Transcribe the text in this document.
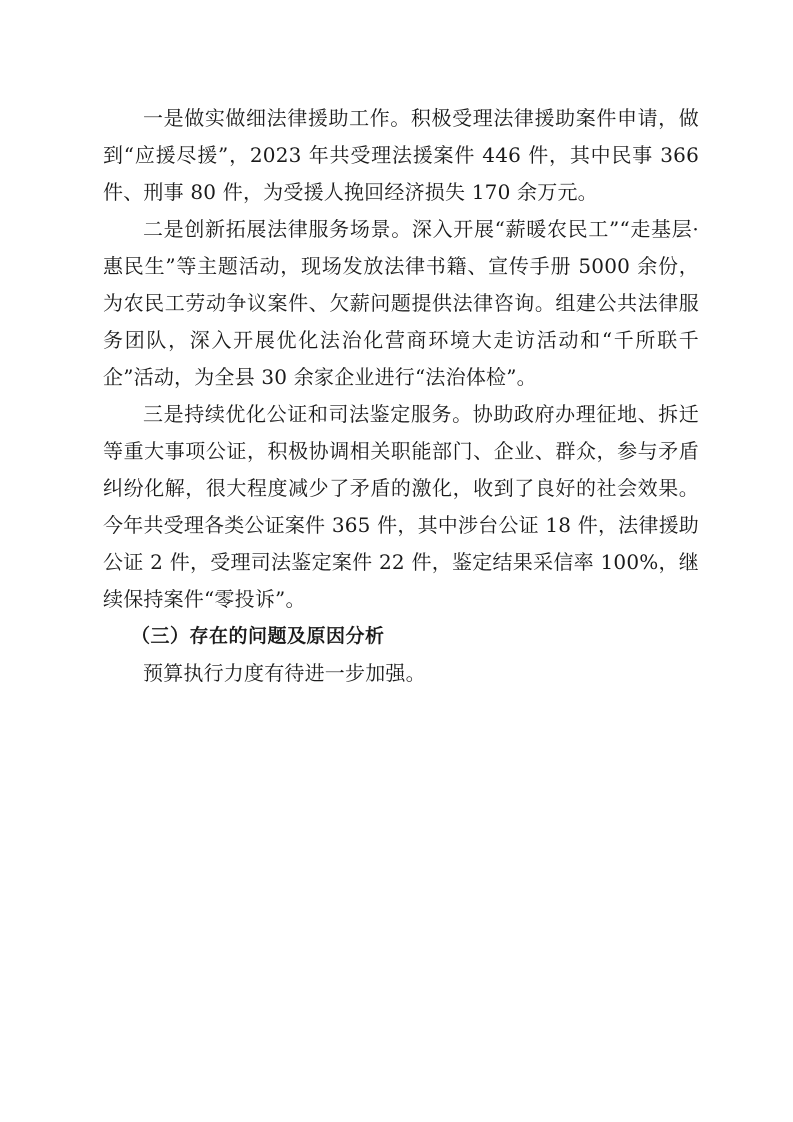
一是做实做细法律援助工作。积极受理法律援助案件申请，做到“应援尽援”，2023 年共受理法援案件 446 件，其中民事 366 件、刑事 80 件，为受援人挽回经济损失 170 余万元。

二是创新拓展法律服务场景。深入开展“薪暖农民工”“走基层·惠民生”等主题活动，现场发放法律书籍、宣传手册 5000 余份，为农民工劳动争议案件、欠薪问题提供法律咨询。组建公共法律服务团队，深入开展优化法治化营商环境大走访活动和“千所联千企”活动，为全县 30 余家企业进行“法治体检”。

三是持续优化公证和司法鉴定服务。协助政府办理征地、拆迁等重大事项公证，积极协调相关职能部门、企业、群众，参与矛盾纠纷化解，很大程度减少了矛盾的激化，收到了良好的社会效果。今年共受理各类公证案件 365 件，其中涉台公证 18 件，法律援助公证 2 件，受理司法鉴定案件 22 件，鉴定结果采信率 100%，继续保持案件“零投诉”。

（三）存在的问题及原因分析

预算执行力度有待进一步加强。
